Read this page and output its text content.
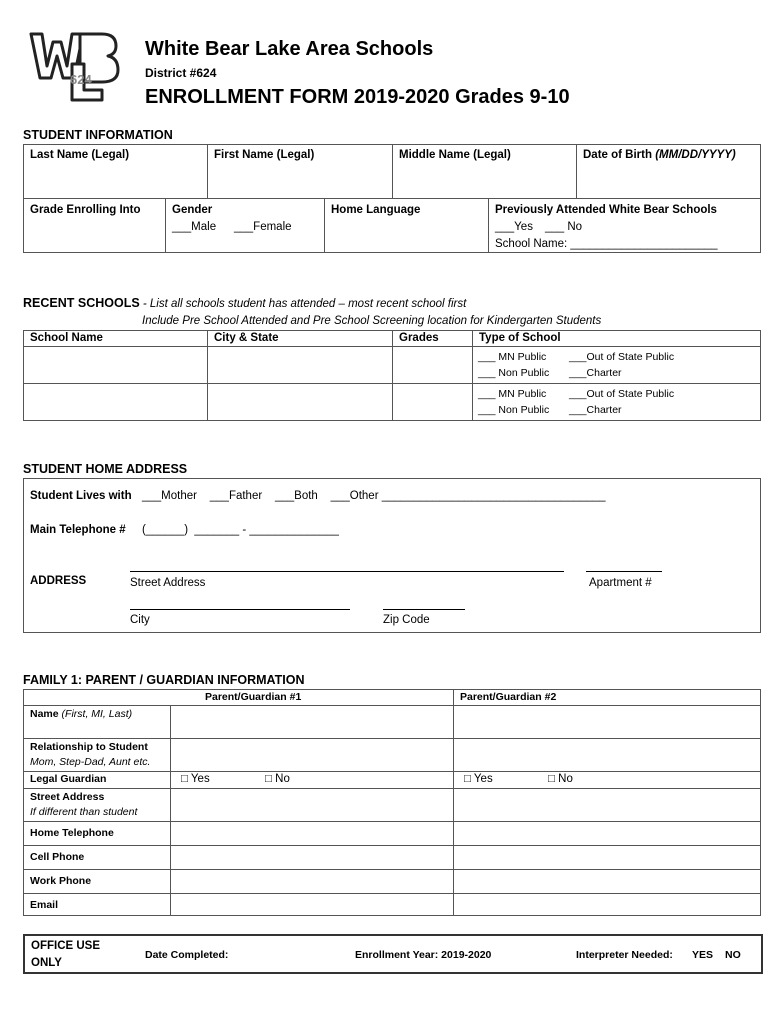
624
White Bear Lake Area Schools
District #624
ENROLLMENT FORM 2019-2020 Grades 9-10
STUDENT INFORMATION
Last Name (Legal)	First Name (Legal)	Middle Name (Legal)	Date of Birth (MM/DD/YYYY)
Grade Enrolling Into	Gender
___Male ___Female
Home Language	Previously Attended White Bear Schools
___Yes ___ No
School Name: _______________________
RECENT SCHOOLS - List all schools student has attended – most recent school first
Include Pre School Attended and Pre School Screening location for Kindergarten Students
School Name	City & State	Grades	Type of School
___ MN Public ___Out of State Public
___ Non Public ___Charter
___ MN Public ___Out of State Public
___ Non Public ___Charter
STUDENT HOME ADDRESS
Student Lives with ___Mother    ___Father    ___Both    ___Other ___________________________________
Main Telephone # (______)  _______ - ______________
ADDRESS	Street Address	Apartment #
City	Zip Code
FAMILY 1: PARENT / GUARDIAN INFORMATION
Parent/Guardian #1	Parent/Guardian #2
Name (First, MI, Last)
Relationship to Student
Mom, Step-Dad, Aunt etc.
Legal Guardian	□ Yes	□ No	□ Yes	□ No
Street Address
If different than student
Home Telephone
Cell Phone
Work Phone
Email
OFFICE USE
ONLY
Date Completed:	Enrollment Year: 2019-2020	Interpreter Needed: YES NO
